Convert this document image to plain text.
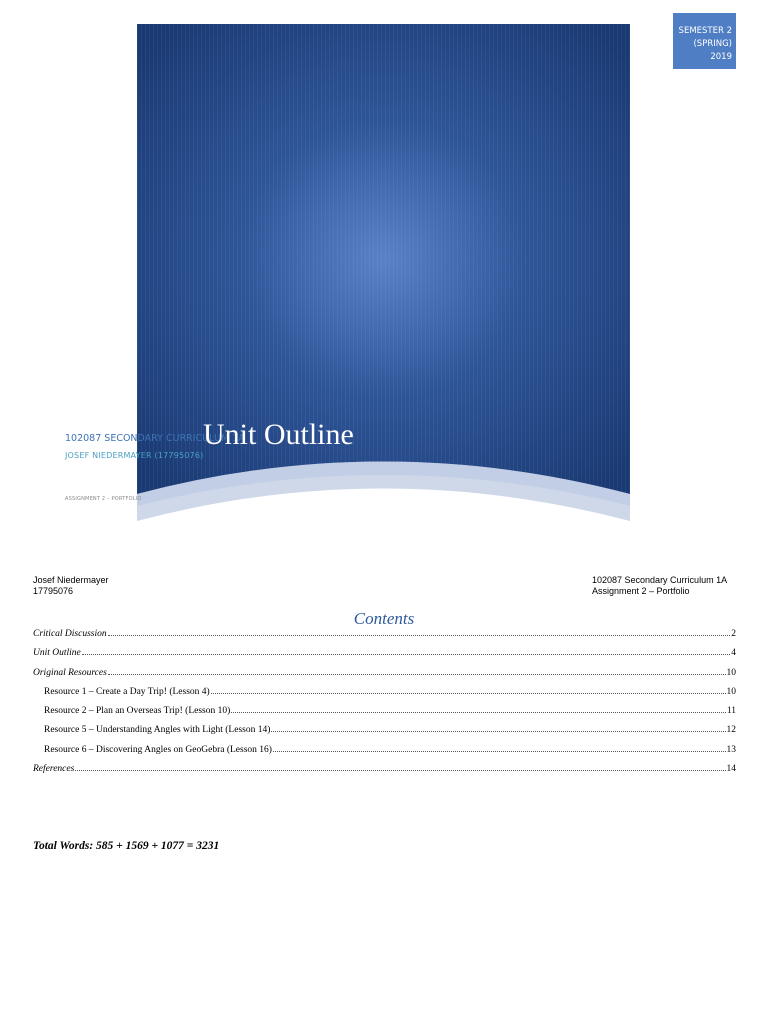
SEMESTER 2
(SPRING)
2019
102087 SECONDARY CURRICULUM 1A
JOSEF NIEDERMAYER (17795076)
ASSIGNMENT 2 – PORTFOLIO
Unit Outline
Josef Niedermayer
17795076
102087 Secondary Curriculum 1A
Assignment 2 – Portfolio
Contents
Critical Discussion	2
Unit Outline	4
Original Resources	10
Resource 1 – Create a Day Trip! (Lesson 4)	10
Resource 2 – Plan an Overseas Trip! (Lesson 10)	11
Resource 5 – Understanding Angles with Light (Lesson 14)	12
Resource 6 – Discovering Angles on GeoGebra (Lesson 16)	13
References	14
Total Words: 585 + 1569 + 1077 = 3231
